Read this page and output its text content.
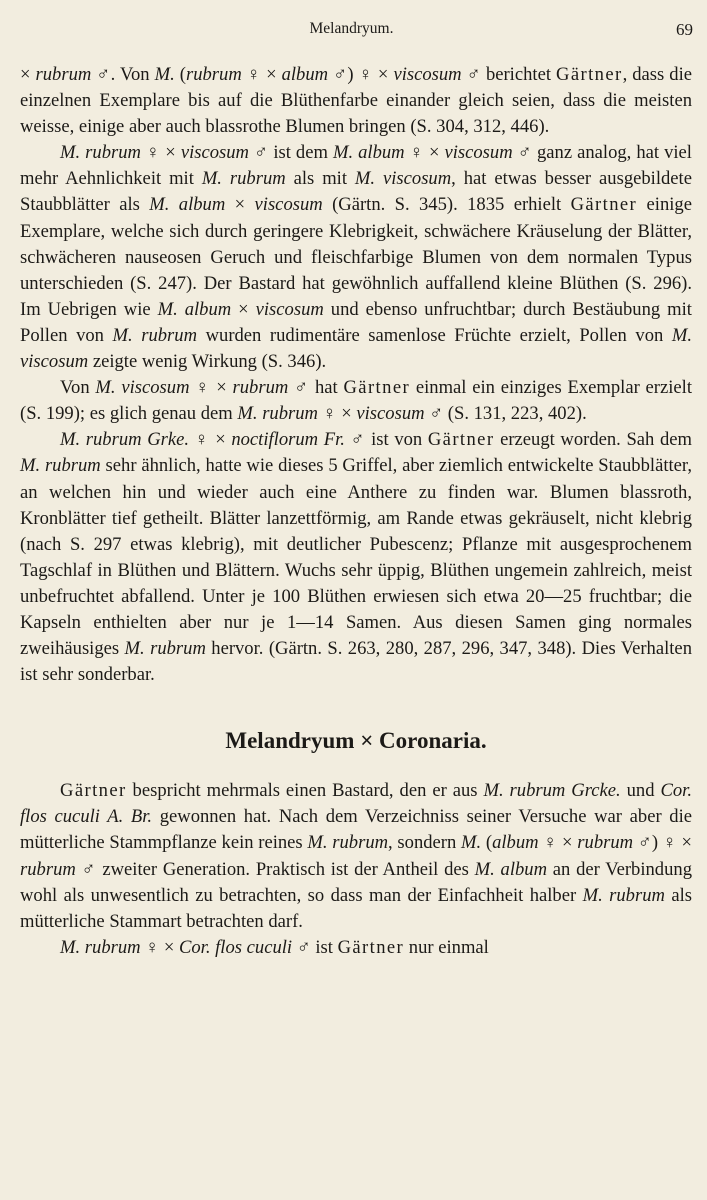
Melandryum.	69

× rubrum ♂. Von M. (rubrum ♀ × album ♂) ♀ × viscosum ♂ berichtet Gärtner, dass die einzelnen Exemplare bis auf die Blüthenfarbe einander gleich seien, dass die meisten weisse, einige aber auch blassrothe Blumen bringen (S. 304, 312, 446).

M. rubrum ♀ × viscosum ♂ ist dem M. album ♀ × viscosum ♂ ganz analog, hat viel mehr Aehnlichkeit mit M. rubrum als mit M. viscosum, hat etwas besser ausgebildete Staubblätter als M. album × viscosum (Gärtn. S. 345). 1835 erhielt Gärtner einige Exemplare, welche sich durch geringere Klebrigkeit, schwächere Kräuselung der Blätter, schwächeren nauseosen Geruch und fleischfarbige Blumen von dem normalen Typus unterschieden (S. 247). Der Bastard hat gewöhnlich auffallend kleine Blüthen (S. 296). Im Uebrigen wie M. album × viscosum und ebenso unfruchtbar; durch Bestäubung mit Pollen von M. rubrum wurden rudimentäre samenlose Früchte erzielt, Pollen von M. viscosum zeigte wenig Wirkung (S. 346).

Von M. viscosum ♀ × rubrum ♂ hat Gärtner einmal ein einziges Exemplar erzielt (S. 199); es glich genau dem M. rubrum ♀ × viscosum ♂ (S. 131, 223, 402).

M. rubrum Grke. ♀ × noctiflorum Fr. ♂ ist von Gärtner erzeugt worden. Sah dem M. rubrum sehr ähnlich, hatte wie dieses 5 Griffel, aber ziemlich entwickelte Staubblätter, an welchen hin und wieder auch eine Anthere zu finden war. Blumen blassroth, Kronblätter tief getheilt. Blätter lanzettförmig, am Rande etwas gekräuselt, nicht klebrig (nach S. 297 etwas klebrig), mit deutlicher Pubescenz; Pflanze mit ausgesprochenem Tagschlaf in Blüthen und Blättern. Wuchs sehr üppig, Blüthen ungemein zahlreich, meist unbefruchtet abfallend. Unter je 100 Blüthen erwiesen sich etwa 20—25 fruchtbar; die Kapseln enthielten aber nur je 1—14 Samen. Aus diesen Samen ging normales zweihäusiges M. rubrum hervor. (Gärtn. S. 263, 280, 287, 296, 347, 348). Dies Verhalten ist sehr sonderbar.

Melandryum × Coronaria.

Gärtner bespricht mehrmals einen Bastard, den er aus M. rubrum Grcke. und Cor. flos cuculi A. Br. gewonnen hat. Nach dem Verzeichniss seiner Versuche war aber die mütterliche Stammpflanze kein reines M. rubrum, sondern M. (album ♀ × rubrum ♂) ♀ × rubrum ♂ zweiter Generation. Praktisch ist der Antheil des M. album an der Verbindung wohl als unwesentlich zu betrachten, so dass man der Einfachheit halber M. rubrum als mütterliche Stammart betrachten darf.

M. rubrum ♀ × Cor. flos cuculi ♂ ist Gärtner nur einmal
